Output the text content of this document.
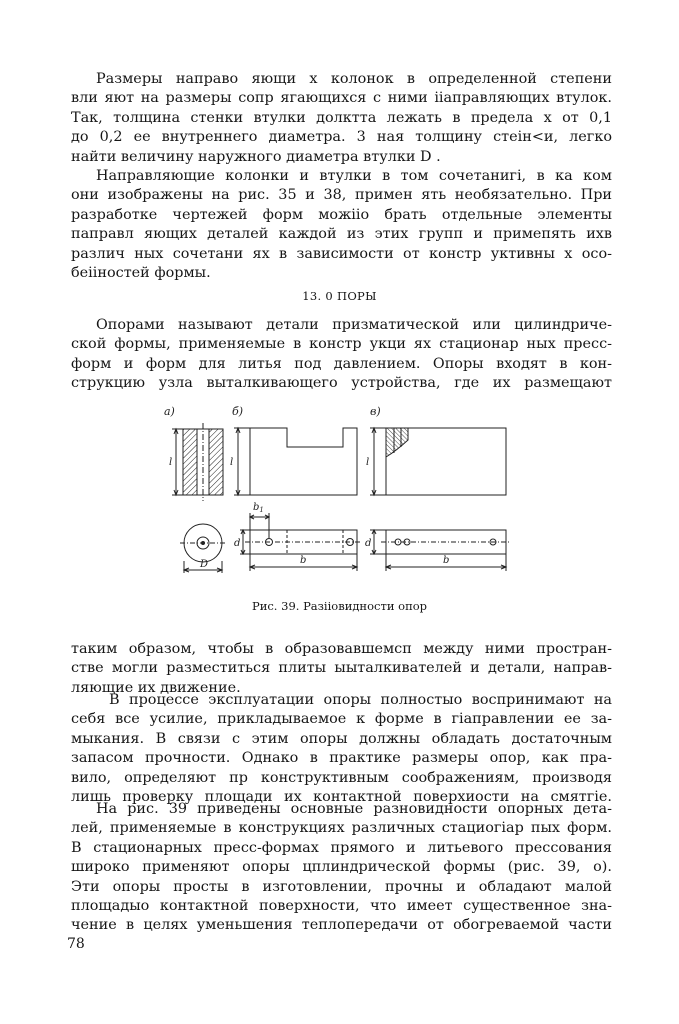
Размеры направо яющи х колонок в определенной степени
вли яют на размеры сопр ягающихся с ними іiаправляющих втулок.
Так, толщина стенки втулки долктта лежать в предела х от 0,1
до 0,2 ее внутреннего диаметра. 3 ная толщину стеін<и, легко
найти величину наружного диаметра втулки D .
Направляющие колонки и втулки в том сочетанигі, в ка ком
они изображены на рис. 35 и 38, примен ять необязательно. При
разработке чертежей форм можiiо брать отдельные элементы
паправл яющих деталей каждой из этих групп и примепять ихв
различ ных сочетани ях в зависимости от констр уктивны х осо-
беііностей формы.
13. 0 ПОРЫ
Опорами называют детали призматической или цилиндриче-
ской формы, применяемые в констр укци ях стационар ных пресс-
форм и форм для литья под давлением. Опоры входят в кон-
струкцию узла выталкивающего устройства, где их размещают
а)	б)	в)
l
D
l
$b_1$
d
b
l
d
b
Рис. 39. Разіiовидности опор
таким образом, чтобы в образовавшемсп между ними простран-
стве могли разместиться плиты ыыталкивателей и детали, направ-
ляющие их движение.
В процессе эксплуатации опоры полностыо воспринимают на
себя все усилие, прикладываемое к форме в гiаправлении ее за-
мыкания. В связи с этим опоры должны обладать достаточным
запасом прочности. Однако в практике размеры опор, как пра-
вило, определяют пр конструктивным соображениям, производя
лишь проверку площади их контактной поверхиости на смятгіе.
На рис. 39 приведены основные разновидности опорных дета-
лей, применяемые в конструкциях различных стациогiар пых форм.
В стационарных пресс-формах прямого и литьевого прессования
широко применяют опоры цплиндрической формы (рис. 39, о).
Эти опоры просты в изготовлении, прочны и обладают малой
площадыо контактной поверхности, что имеет существенное зна-
чение в целях уменьшения теплопередачи от обогреваемой части
78
